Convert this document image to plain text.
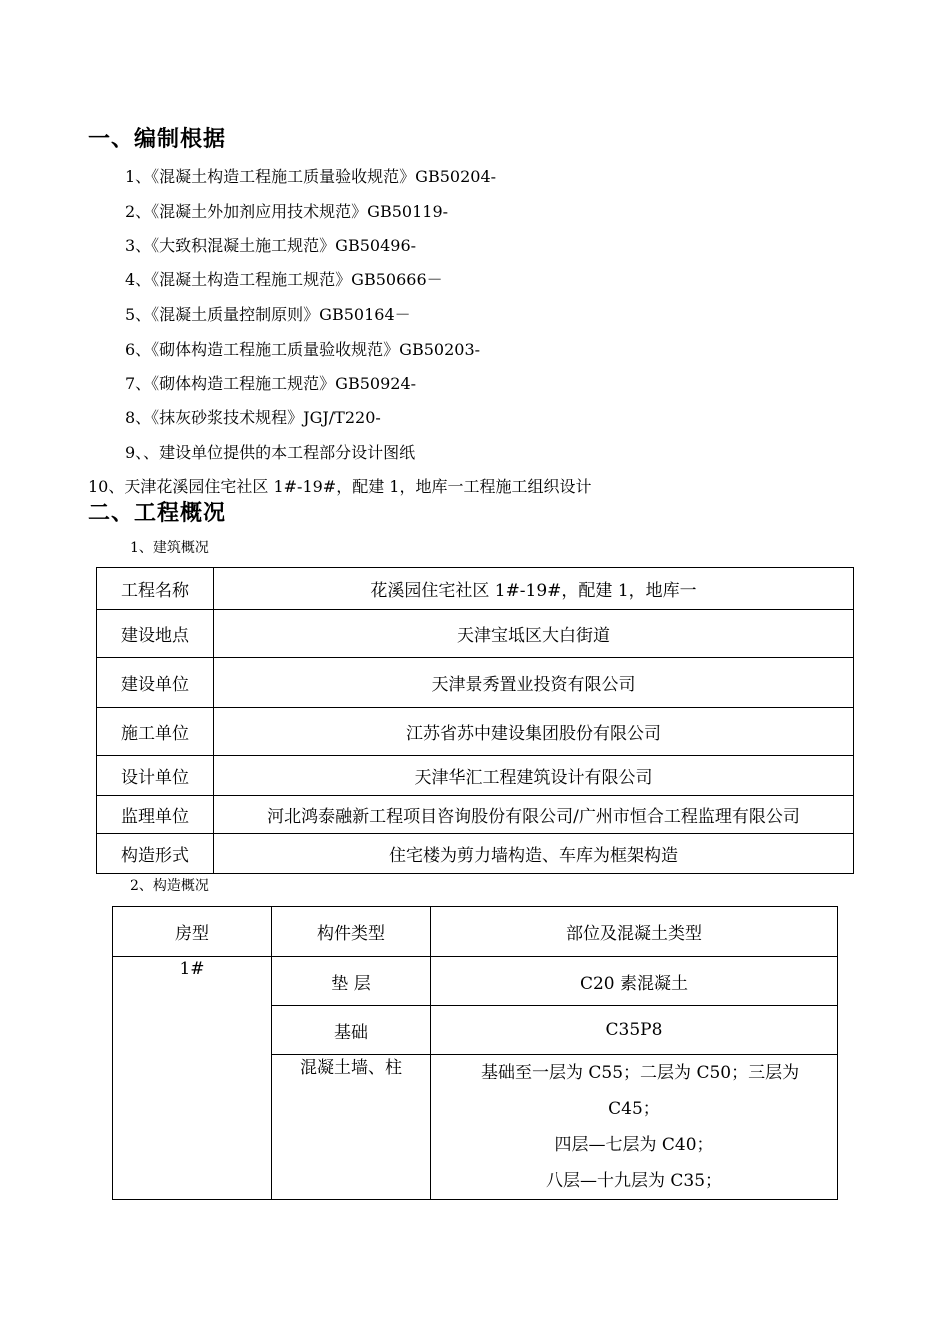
一、编制根据
1、《混凝土构造工程施工质量验收规范》GB50204-
2、《混凝土外加剂应用技术规范》GB50119-
3、《大致积混凝土施工规范》GB50496-
4、《混凝土构造工程施工规范》GB50666－
5、《混凝土质量控制原则》GB50164－
6、《砌体构造工程施工质量验收规范》GB50203-
7、《砌体构造工程施工规范》GB50924-
8、《抹灰砂浆技术规程》JGJ/T220-
9、、建设单位提供的本工程部分设计图纸
10、天津花溪园住宅社区 1#-19#，配建 1，地库一工程施工组织设计
二、工程概况
1、建筑概况
工程名称	花溪园住宅社区 1#-19#，配建 1，地库一
建设地点	天津宝坻区大白街道
建设单位	天津景秀置业投资有限公司
施工单位	江苏省苏中建设集团股份有限公司
设计单位	天津华汇工程建筑设计有限公司
监理单位	河北鸿泰融新工程项目咨询股份有限公司/广州市恒合工程监理有限公司
构造形式	住宅楼为剪力墙构造、车库为框架构造
2、构造概况
房型	构件类型	部位及混凝土类型

1#	垫 层	C20 素混凝土
	基础	C35P8

	混凝土墙、柱	基础至一层为 C55；二层为 C50；三层为
C45；
四层—七层为 C40；
八层—十九层为 C35；
